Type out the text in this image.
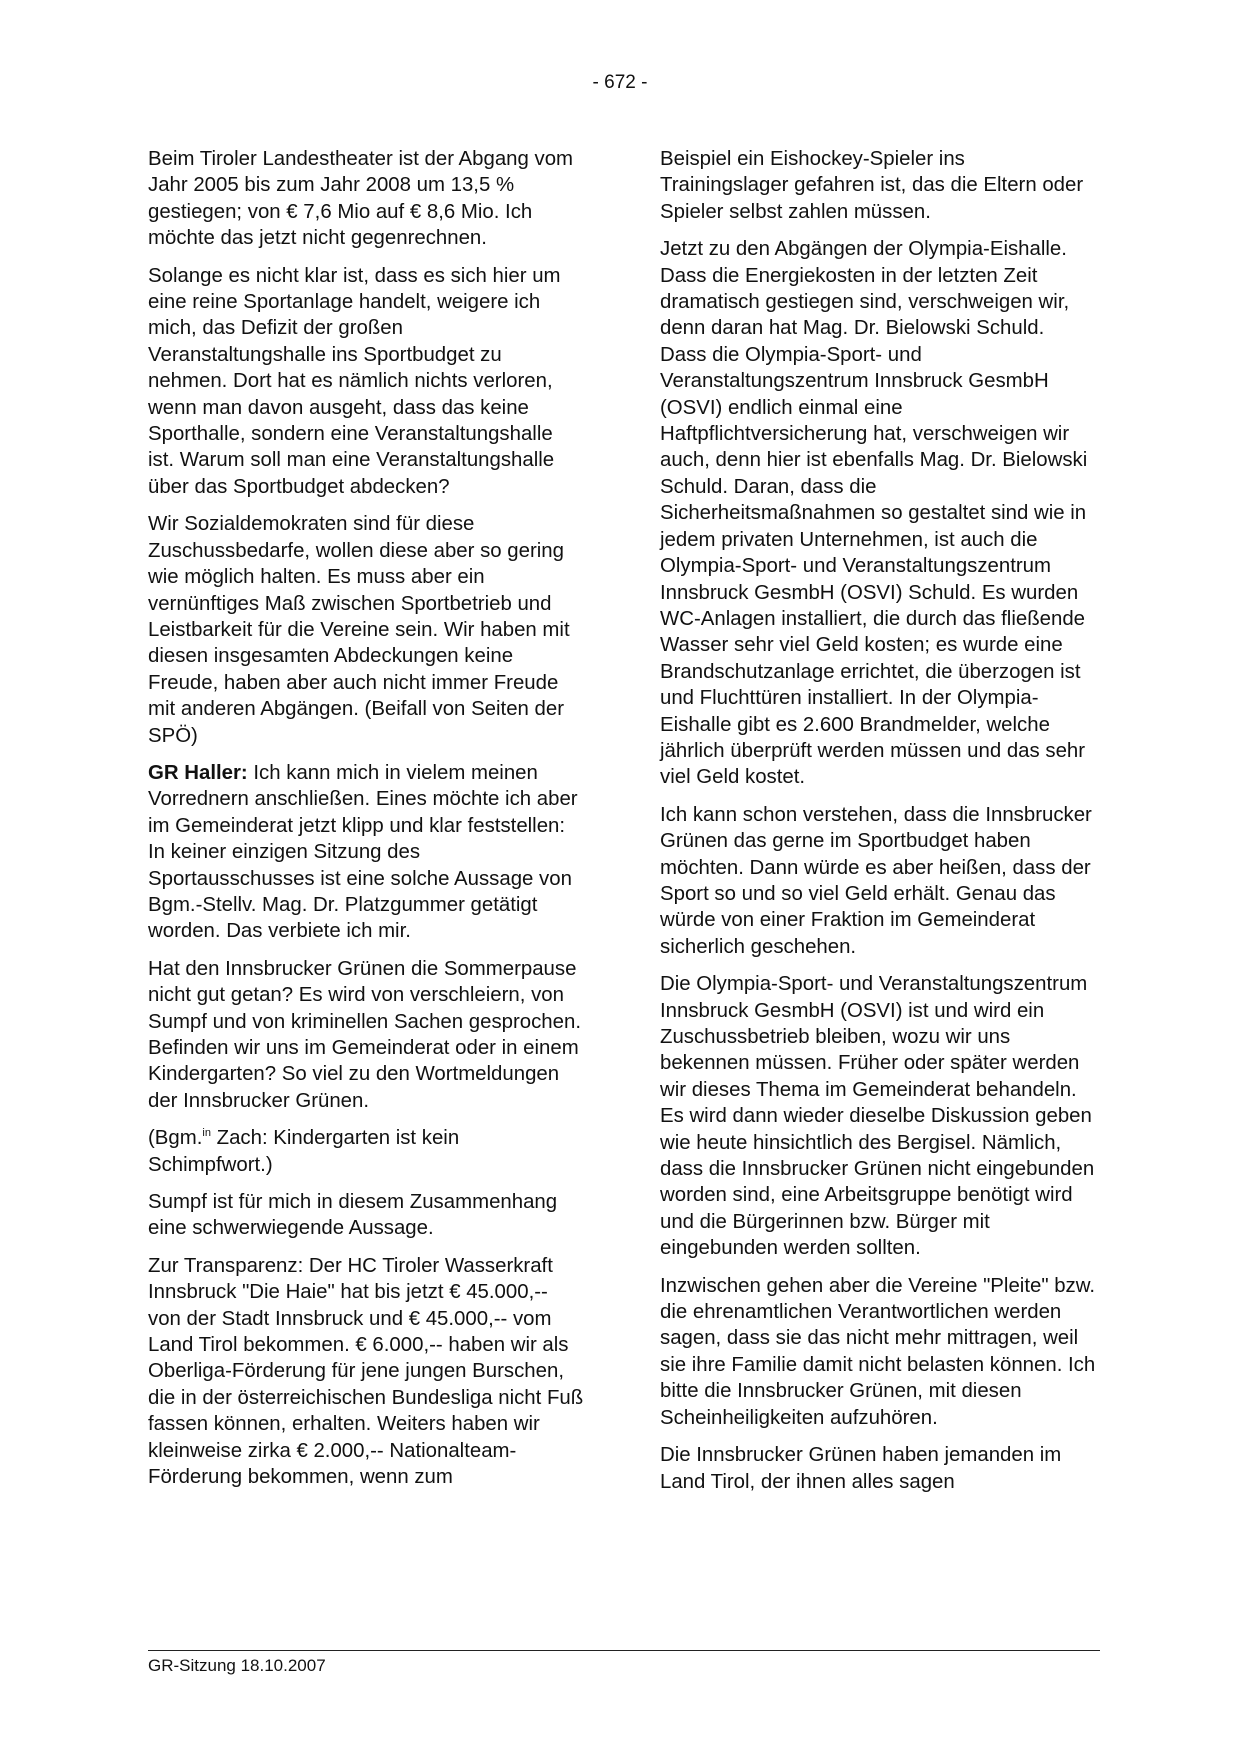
- 672 -

Beim Tiroler Landestheater ist der Abgang vom Jahr 2005 bis zum Jahr 2008 um 13,5 % gestiegen; von € 7,6 Mio auf € 8,6 Mio. Ich möchte das jetzt nicht gegenrechnen.

Solange es nicht klar ist, dass es sich hier um eine reine Sportanlage handelt, weigere ich mich, das Defizit der großen Veranstaltungshalle ins Sportbudget zu nehmen. Dort hat es nämlich nichts verloren, wenn man davon ausgeht, dass das keine Sporthalle, sondern eine Veranstaltungshalle ist. Warum soll man eine Veranstaltungshalle über das Sportbudget abdecken?

Wir Sozialdemokraten sind für diese Zuschussbedarfe, wollen diese aber so gering wie möglich halten. Es muss aber ein vernünftiges Maß zwischen Sportbetrieb und Leistbarkeit für die Vereine sein. Wir haben mit diesen insgesamten Abdeckungen keine Freude, haben aber auch nicht immer Freude mit anderen Abgängen. (Beifall von Seiten der SPÖ)

GR Haller: Ich kann mich in vielem meinen Vorrednern anschließen. Eines möchte ich aber im Gemeinderat jetzt klipp und klar feststellen: In keiner einzigen Sitzung des Sportausschusses ist eine solche Aussage von Bgm.-Stellv. Mag. Dr. Platzgummer getätigt worden. Das verbiete ich mir.

Hat den Innsbrucker Grünen die Sommerpause nicht gut getan? Es wird von verschleiern, von Sumpf und von kriminellen Sachen gesprochen. Befinden wir uns im Gemeinderat oder in einem Kindergarten? So viel zu den Wortmeldungen der Innsbrucker Grünen.

(Bgm.$^{in}$ Zach: Kindergarten ist kein Schimpfwort.)

Sumpf ist für mich in diesem Zusammenhang eine schwerwiegende Aussage.

Zur Transparenz: Der HC Tiroler Wasserkraft Innsbruck "Die Haie" hat bis jetzt € 45.000,-- von der Stadt Innsbruck und € 45.000,-- vom Land Tirol bekommen. € 6.000,-- haben wir als Oberliga-Förderung für jene jungen Burschen, die in der österreichischen Bundesliga nicht Fuß fassen können, erhalten. Weiters haben wir kleinweise zirka € 2.000,-- Nationalteam-Förderung bekommen, wenn zum

Beispiel ein Eishockey-Spieler ins Trainingslager gefahren ist, das die Eltern oder Spieler selbst zahlen müssen.

Jetzt zu den Abgängen der Olympia-Eishalle. Dass die Energiekosten in der letzten Zeit dramatisch gestiegen sind, verschweigen wir, denn daran hat Mag. Dr. Bielowski Schuld. Dass die Olympia-Sport- und Veranstaltungszentrum Innsbruck GesmbH (OSVI) endlich einmal eine Haftpflichtversicherung hat, verschweigen wir auch, denn hier ist ebenfalls Mag. Dr. Bielowski Schuld. Daran, dass die Sicherheitsmaßnahmen so gestaltet sind wie in jedem privaten Unternehmen, ist auch die Olympia-Sport- und Veranstaltungszentrum Innsbruck GesmbH (OSVI) Schuld. Es wurden WC-Anlagen installiert, die durch das fließende Wasser sehr viel Geld kosten; es wurde eine Brandschutzanlage errichtet, die überzogen ist und Fluchttüren installiert. In der Olympia-Eishalle gibt es 2.600 Brandmelder, welche jährlich überprüft werden müssen und das sehr viel Geld kostet.

Ich kann schon verstehen, dass die Innsbrucker Grünen das gerne im Sportbudget haben möchten. Dann würde es aber heißen, dass der Sport so und so viel Geld erhält. Genau das würde von einer Fraktion im Gemeinderat sicherlich geschehen.

Die Olympia-Sport- und Veranstaltungszentrum Innsbruck GesmbH (OSVI) ist und wird ein Zuschussbetrieb bleiben, wozu wir uns bekennen müssen. Früher oder später werden wir dieses Thema im Gemeinderat behandeln. Es wird dann wieder dieselbe Diskussion geben wie heute hinsichtlich des Bergisel. Nämlich, dass die Innsbrucker Grünen nicht eingebunden worden sind, eine Arbeitsgruppe benötigt wird und die Bürgerinnen bzw. Bürger mit eingebunden werden sollten.

Inzwischen gehen aber die Vereine "Pleite" bzw. die ehrenamtlichen Verantwortlichen werden sagen, dass sie das nicht mehr mittragen, weil sie ihre Familie damit nicht belasten können. Ich bitte die Innsbrucker Grünen, mit diesen Scheinheiligkeiten aufzuhören.

Die Innsbrucker Grünen haben jemanden im Land Tirol, der ihnen alles sagen

GR-Sitzung 18.10.2007
